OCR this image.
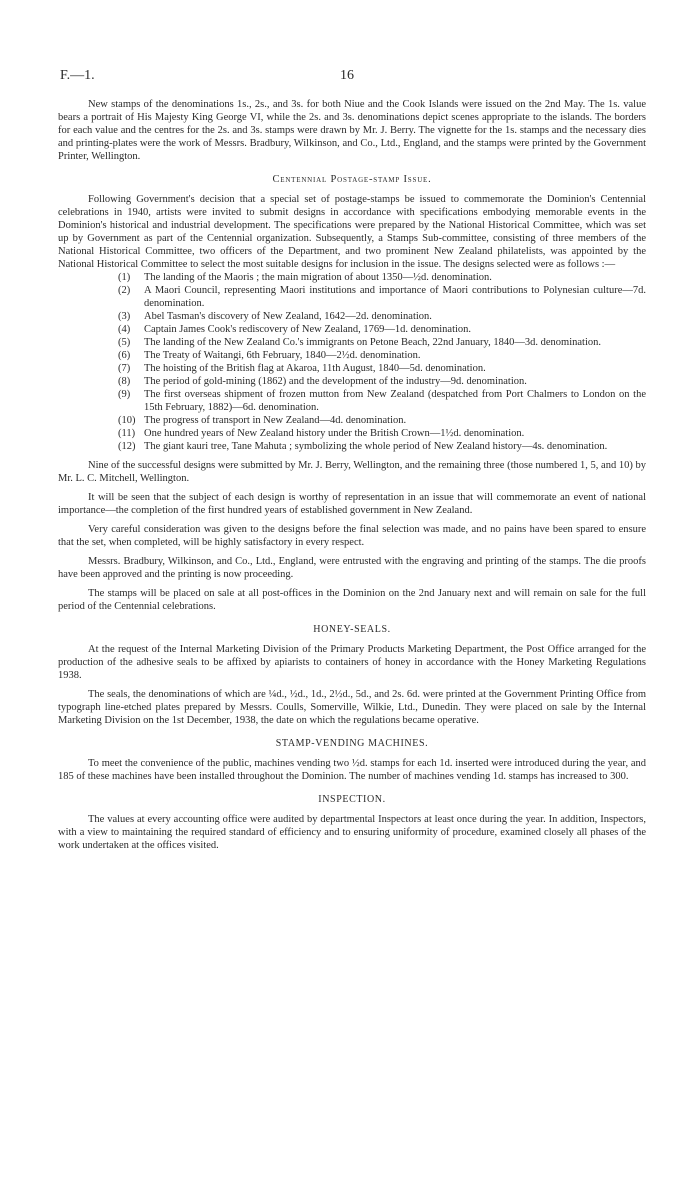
F.—1.	16

New stamps of the denominations 1s., 2s., and 3s. for both Niue and the Cook Islands were issued on the 2nd May. The 1s. value bears a portrait of His Majesty King George VI, while the 2s. and 3s. denominations depict scenes appropriate to the islands. The borders for each value and the centres for the 2s. and 3s. stamps were drawn by Mr. J. Berry. The vignette for the 1s. stamps and the necessary dies and printing-plates were the work of Messrs. Bradbury, Wilkinson, and Co., Ltd., England, and the stamps were printed by the Government Printer, Wellington.

Centennial Postage-stamp Issue.

Following Government's decision that a special set of postage-stamps be issued to commemorate the Dominion's Centennial celebrations in 1940, artists were invited to submit designs in accordance with specifications embodying memorable events in the Dominion's historical and industrial development. The specifications were prepared by the National Historical Committee, which was set up by Government as part of the Centennial organization. Subsequently, a Stamps Sub-committee, consisting of three members of the National Historical Committee, two officers of the Department, and two prominent New Zealand philatelists, was appointed by the National Historical Committee to select the most suitable designs for inclusion in the issue. The designs selected were as follows :—

(1) The landing of the Maoris ; the main migration of about 1350—½d. denomination.
(2) A Maori Council, representing Maori institutions and importance of Maori contributions to Polynesian culture—7d. denomination.
(3) Abel Tasman's discovery of New Zealand, 1642—2d. denomination.
(4) Captain James Cook's rediscovery of New Zealand, 1769—1d. denomination.
(5) The landing of the New Zealand Co.'s immigrants on Petone Beach, 22nd January, 1840—3d. denomination.
(6) The Treaty of Waitangi, 6th February, 1840—2½d. denomination.
(7) The hoisting of the British flag at Akaroa, 11th August, 1840—5d. denomination.
(8) The period of gold-mining (1862) and the development of the industry—9d. denomination.
(9) The first overseas shipment of frozen mutton from New Zealand (despatched from Port Chalmers to London on the 15th February, 1882)—6d. denomination.
(10) The progress of transport in New Zealand—4d. denomination.
(11) One hundred years of New Zealand history under the British Crown—1½d. denomination.
(12) The giant kauri tree, Tane Mahuta ; symbolizing the whole period of New Zealand history—4s. denomination.

Nine of the successful designs were submitted by Mr. J. Berry, Wellington, and the remaining three (those numbered 1, 5, and 10) by Mr. L. C. Mitchell, Wellington.

It will be seen that the subject of each design is worthy of representation in an issue that will commemorate an event of national importance—the completion of the first hundred years of established government in New Zealand.

Very careful consideration was given to the designs before the final selection was made, and no pains have been spared to ensure that the set, when completed, will be highly satisfactory in every respect.

Messrs. Bradbury, Wilkinson, and Co., Ltd., England, were entrusted with the engraving and printing of the stamps. The die proofs have been approved and the printing is now proceeding.

The stamps will be placed on sale at all post-offices in the Dominion on the 2nd January next and will remain on sale for the full period of the Centennial celebrations.

HONEY-SEALS.

At the request of the Internal Marketing Division of the Primary Products Marketing Department, the Post Office arranged for the production of the adhesive seals to be affixed by apiarists to containers of honey in accordance with the Honey Marketing Regulations 1938.

The seals, the denominations of which are ¼d., ½d., 1d., 2½d., 5d., and 2s. 6d. were printed at the Government Printing Office from typograph line-etched plates prepared by Messrs. Coulls, Somerville, Wilkie, Ltd., Dunedin. They were placed on sale by the Internal Marketing Division on the 1st December, 1938, the date on which the regulations became operative.

STAMP-VENDING MACHINES.

To meet the convenience of the public, machines vending two ½d. stamps for each 1d. inserted were introduced during the year, and 185 of these machines have been installed throughout the Dominion. The number of machines vending 1d. stamps has increased to 300.

INSPECTION.

The values at every accounting office were audited by departmental Inspectors at least once during the year. In addition, Inspectors, with a view to maintaining the required standard of efficiency and to ensuring uniformity of procedure, examined closely all phases of the work undertaken at the offices visited.
